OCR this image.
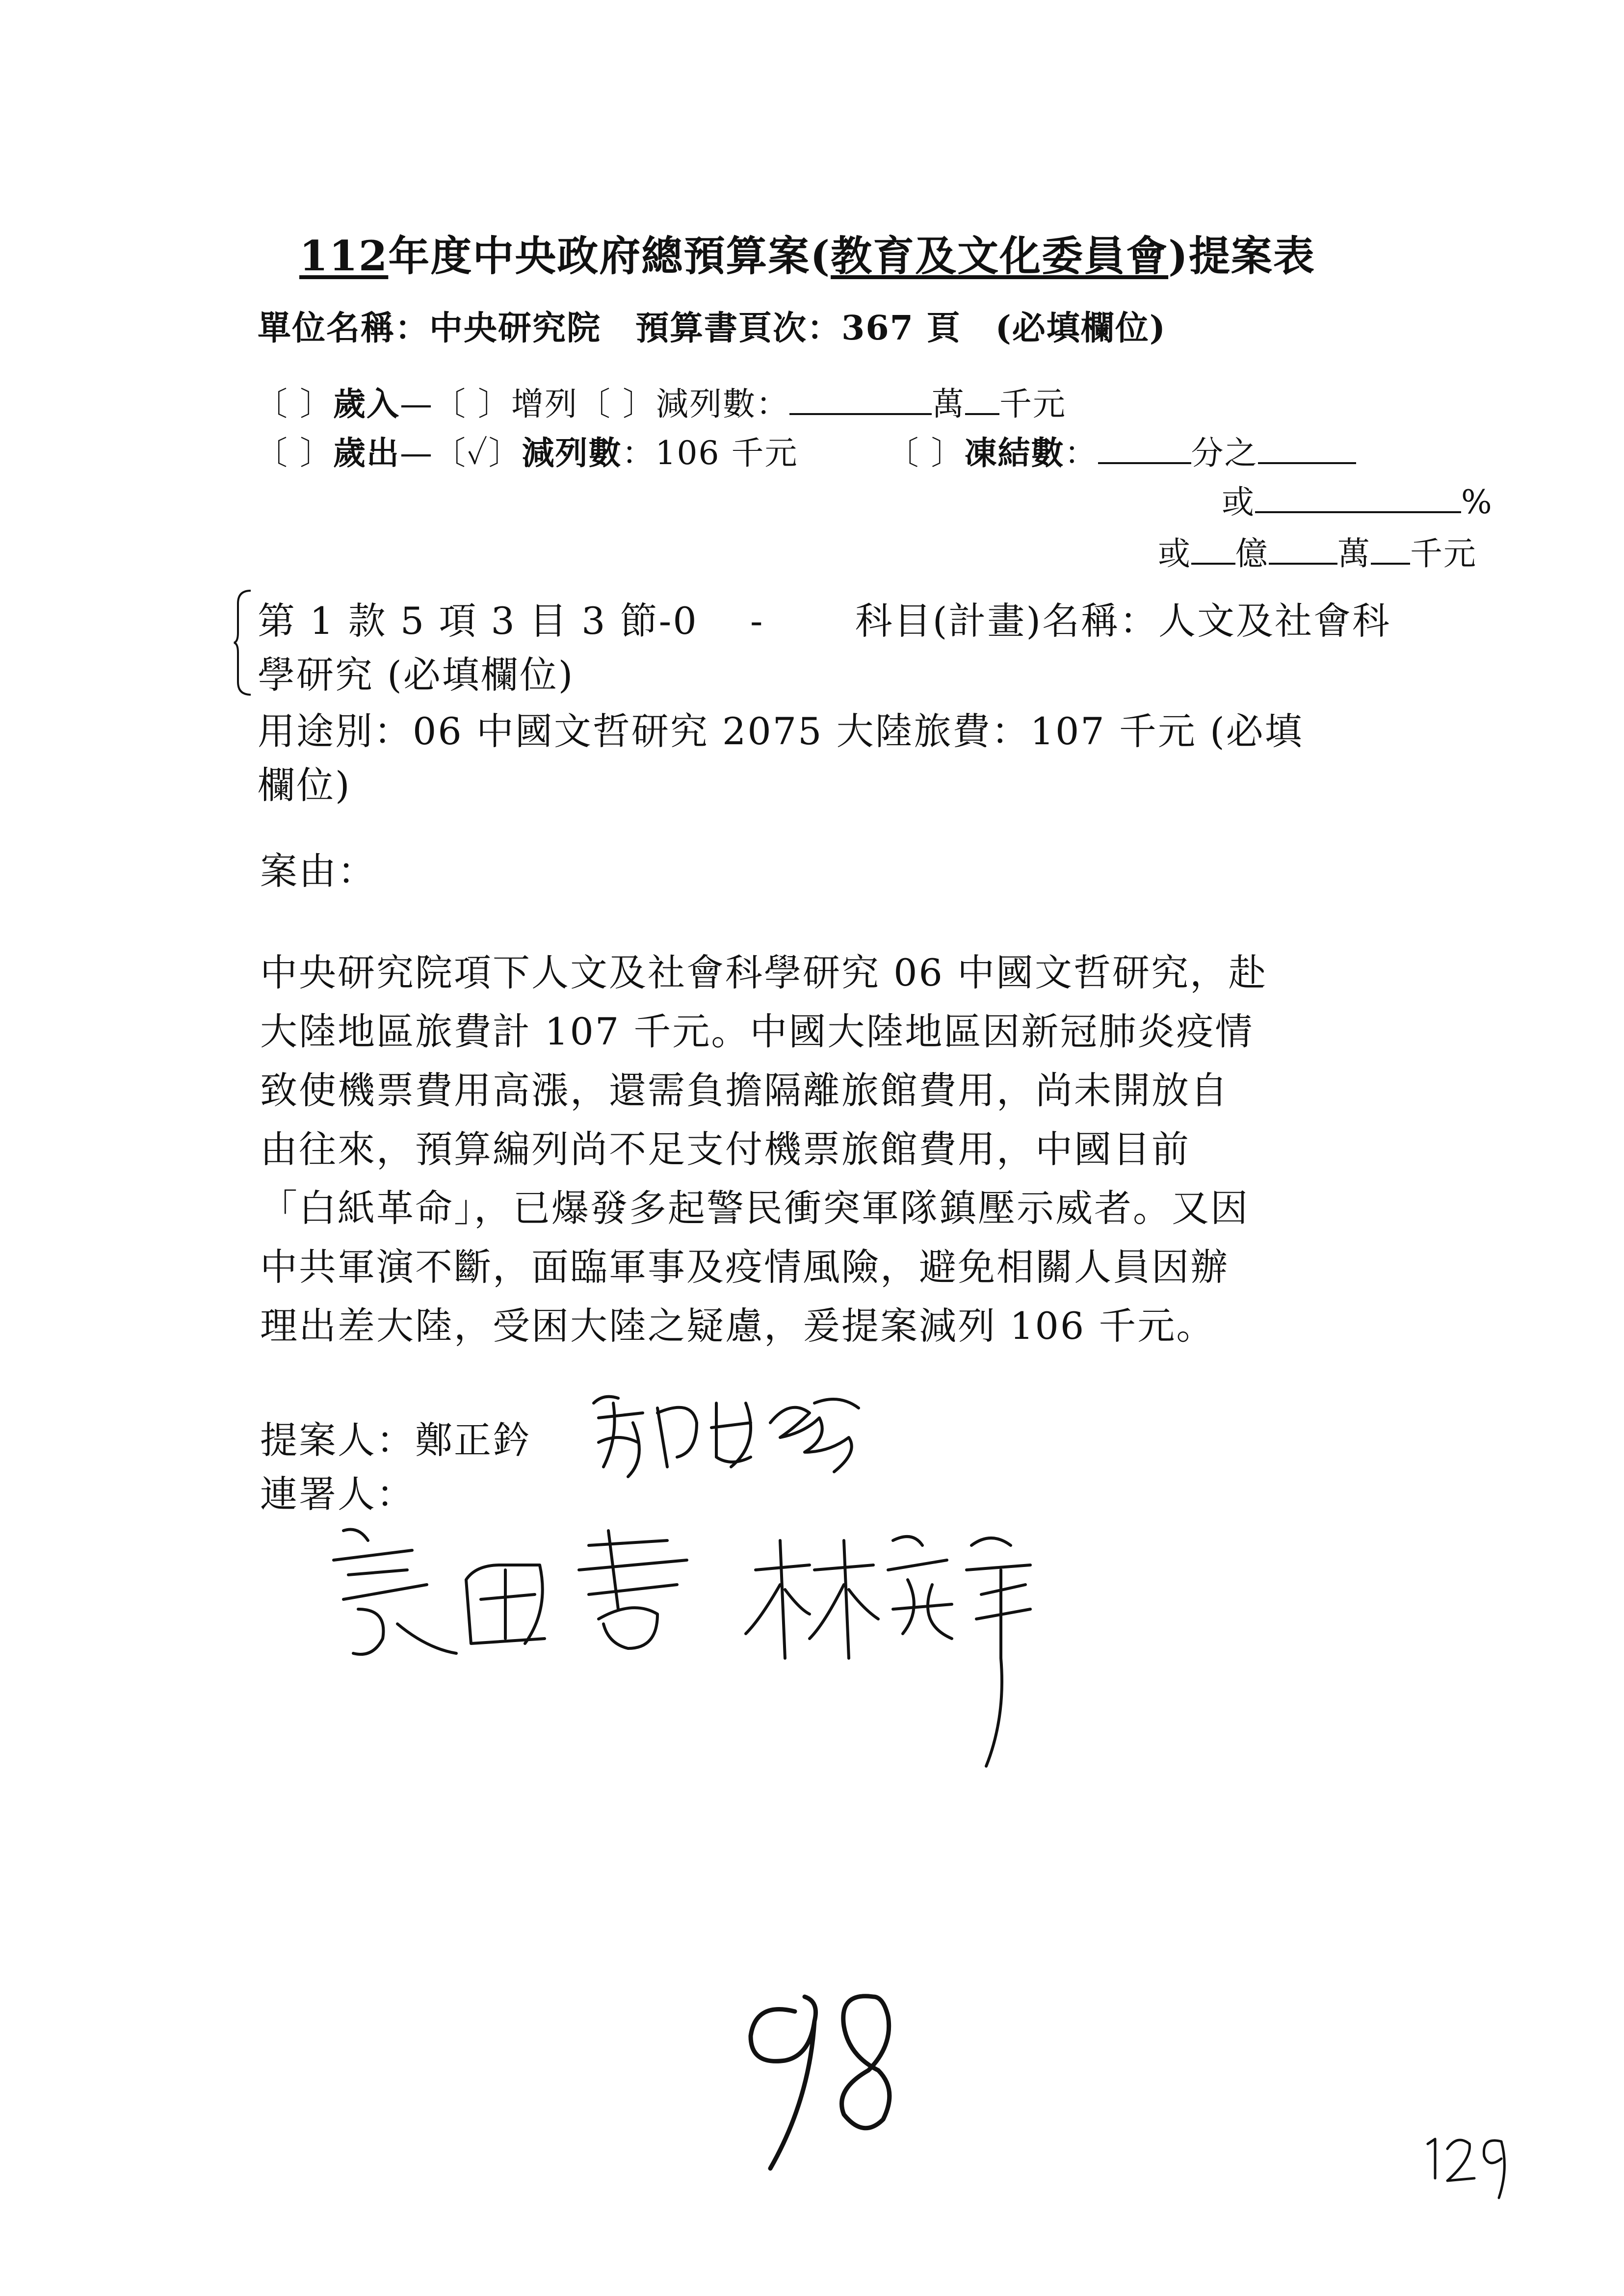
112年度中央政府總預算案(教育及文化委員會)提案表
單位名稱：中央研究院　預算書頁次：367 頁　(必填欄位)
〔 〕歲入—〔 〕增列〔 〕減列數：	萬 千元
〔 〕歲出—〔✓〕減列數：106 千元	〔 〕凍結數：	分之
或	%
或 億 萬 千元
第 1 款 5 項 3 目 3 節-0　 -　　 科目(計畫)名稱：人文及社會科
學研究 (必填欄位)
用途別：06 中國文哲研究 2075 大陸旅費：107 千元 (必填
欄位)
案由：
中央研究院項下人文及社會科學研究 06 中國文哲研究，赴
大陸地區旅費計 107 千元。中國大陸地區因新冠肺炎疫情
致使機票費用高漲，還需負擔隔離旅館費用，尚未開放自
由往來，預算編列尚不足支付機票旅館費用，中國目前
「白紙革命」，已爆發多起警民衝突軍隊鎮壓示威者。又因
中共軍演不斷，面臨軍事及疫情風險，避免相關人員因辦
理出差大陸，受困大陸之疑慮，爰提案減列 106 千元。
提案人：鄭正鈐
連署人：
